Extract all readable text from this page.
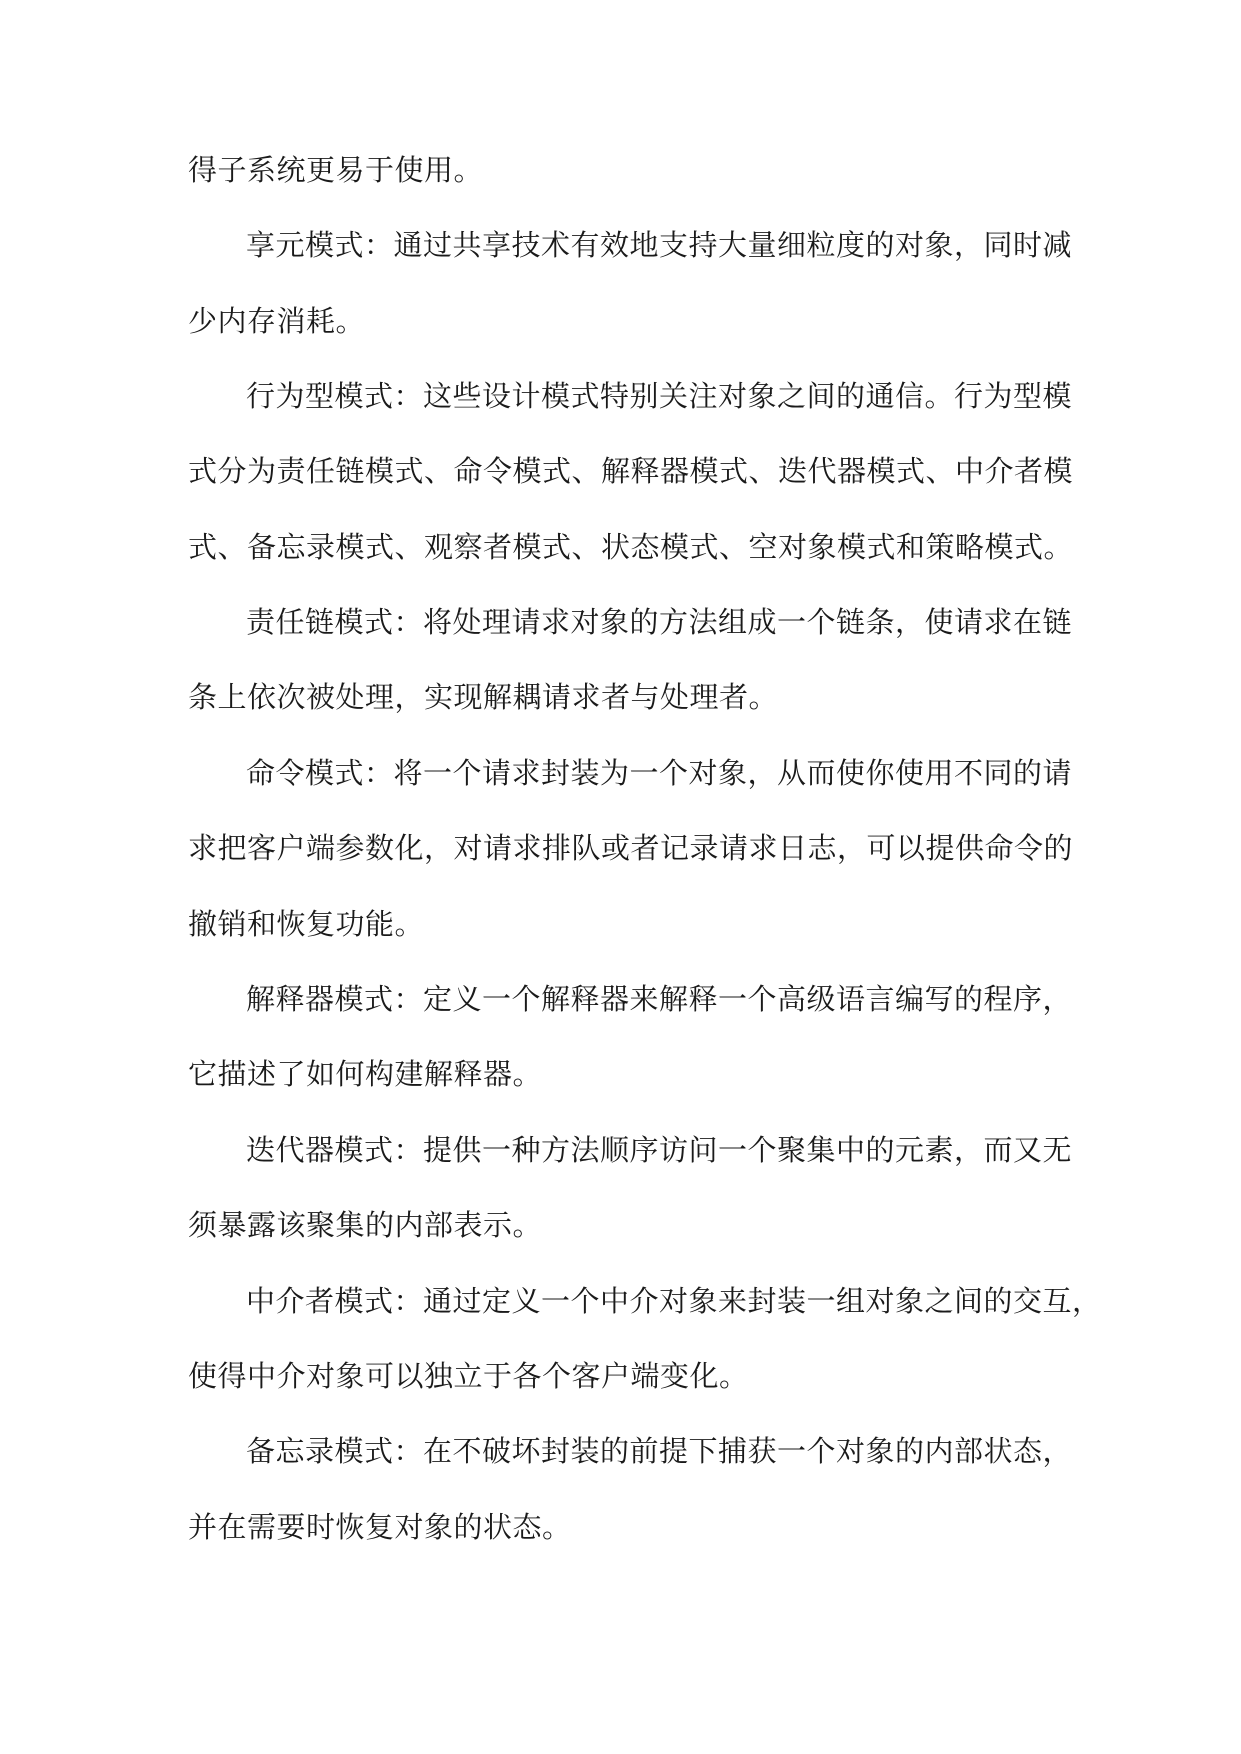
得子系统更易于使用。
享元模式：通过共享技术有效地支持大量细粒度的对象，同时减
少内存消耗。
行为型模式：这些设计模式特别关注对象之间的通信。行为型模
式分为责任链模式、命令模式、解释器模式、迭代器模式、中介者模
式、备忘录模式、观察者模式、状态模式、空对象模式和策略模式。
责任链模式：将处理请求对象的方法组成一个链条，使请求在链
条上依次被处理，实现解耦请求者与处理者。
命令模式：将一个请求封装为一个对象，从而使你使用不同的请
求把客户端参数化，对请求排队或者记录请求日志，可以提供命令的
撤销和恢复功能。
解释器模式：定义一个解释器来解释一个高级语言编写的程序，
它描述了如何构建解释器。
迭代器模式：提供一种方法顺序访问一个聚集中的元素，而又无
须暴露该聚集的内部表示。
中介者模式：通过定义一个中介对象来封装一组对象之间的交互，
使得中介对象可以独立于各个客户端变化。
备忘录模式：在不破坏封装的前提下捕获一个对象的内部状态，
并在需要时恢复对象的状态。
